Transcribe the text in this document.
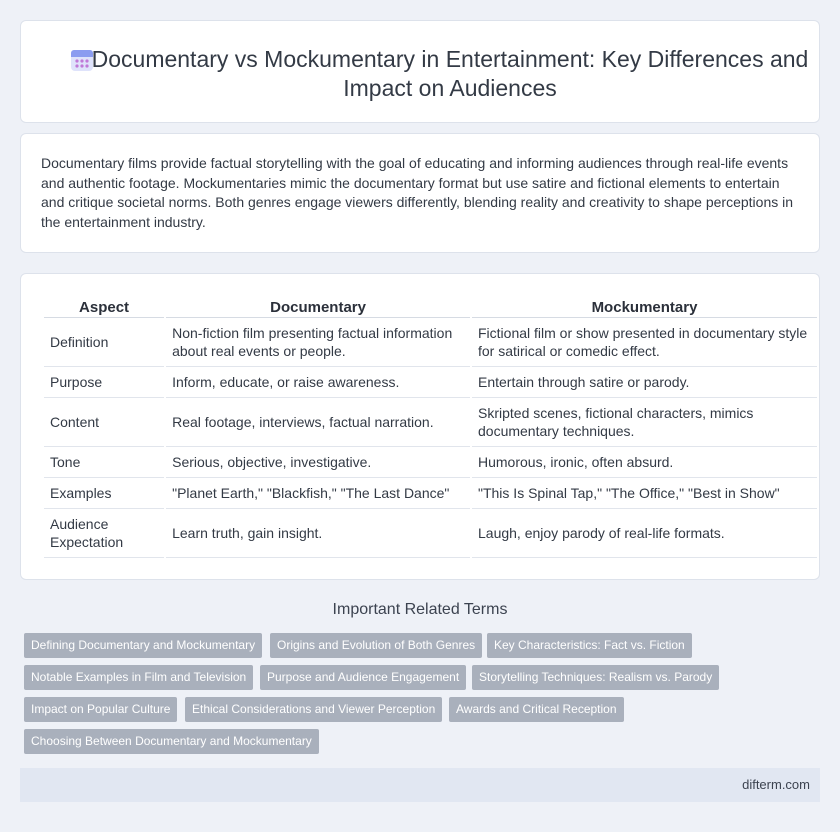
Documentary vs Mockumentary in Entertainment: Key Differences and Impact on Audiences

Documentary films provide factual storytelling with the goal of educating and informing audiences through real-life events and authentic footage. Mockumentaries mimic the documentary format but use satire and fictional elements to entertain and critique societal norms. Both genres engage viewers differently, blending reality and creativity to shape perceptions in the entertainment industry.

Aspect	Documentary	Mockumentary
Definition	Non-fiction film presenting factual information about real events or people.	Fictional film or show presented in documentary style for satirical or comedic effect.
Purpose	Inform, educate, or raise awareness.	Entertain through satire or parody.
Content	Real footage, interviews, factual narration.	Skripted scenes, fictional characters, mimics documentary techniques.
Tone	Serious, objective, investigative.	Humorous, ironic, often absurd.
Examples	"Planet Earth," "Blackfish," "The Last Dance"	"This Is Spinal Tap," "The Office," "Best in Show"
Audience Expectation	Learn truth, gain insight.	Laugh, enjoy parody of real-life formats.
Important Related Terms
Defining Documentary and Mockumentary	Origins and Evolution of Both Genres	Key Characteristics: Fact vs. Fiction
Notable Examples in Film and Television	Purpose and Audience Engagement	Storytelling Techniques: Realism vs. Parody
Impact on Popular Culture	Ethical Considerations and Viewer Perception	Awards and Critical Reception
Choosing Between Documentary and Mockumentary
difterm.com
